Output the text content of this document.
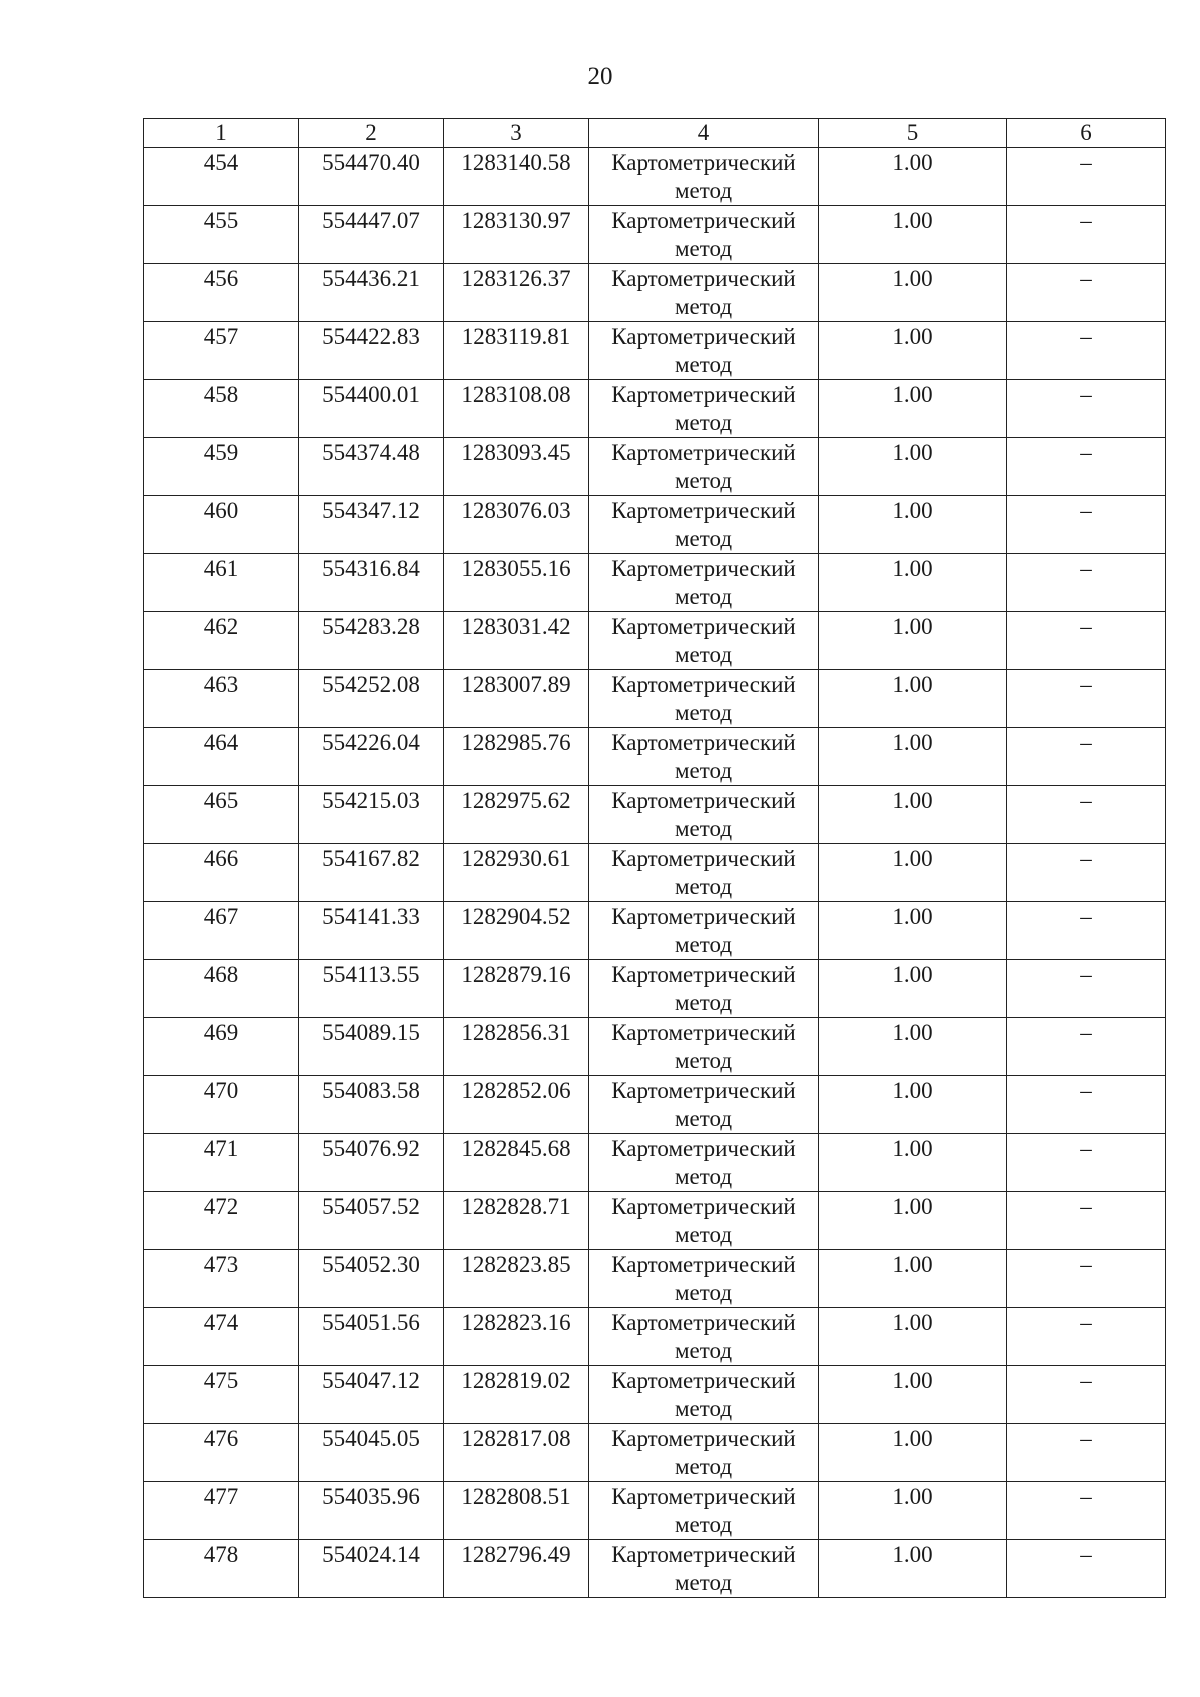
20
1	2	3	4	5	6
454	554470.40	1283140.58	Картометрический метод	1.00	–
455	554447.07	1283130.97	Картометрический метод	1.00	–
456	554436.21	1283126.37	Картометрический метод	1.00	–
457	554422.83	1283119.81	Картометрический метод	1.00	–
458	554400.01	1283108.08	Картометрический метод	1.00	–
459	554374.48	1283093.45	Картометрический метод	1.00	–
460	554347.12	1283076.03	Картометрический метод	1.00	–
461	554316.84	1283055.16	Картометрический метод	1.00	–
462	554283.28	1283031.42	Картометрический метод	1.00	–
463	554252.08	1283007.89	Картометрический метод	1.00	–
464	554226.04	1282985.76	Картометрический метод	1.00	–
465	554215.03	1282975.62	Картометрический метод	1.00	–
466	554167.82	1282930.61	Картометрический метод	1.00	–
467	554141.33	1282904.52	Картометрический метод	1.00	–
468	554113.55	1282879.16	Картометрический метод	1.00	–
469	554089.15	1282856.31	Картометрический метод	1.00	–
470	554083.58	1282852.06	Картометрический метод	1.00	–
471	554076.92	1282845.68	Картометрический метод	1.00	–
472	554057.52	1282828.71	Картометрический метод	1.00	–
473	554052.30	1282823.85	Картометрический метод	1.00	–
474	554051.56	1282823.16	Картометрический метод	1.00	–
475	554047.12	1282819.02	Картометрический метод	1.00	–
476	554045.05	1282817.08	Картометрический метод	1.00	–
477	554035.96	1282808.51	Картометрический метод	1.00	–
478	554024.14	1282796.49	Картометрический метод	1.00	–
